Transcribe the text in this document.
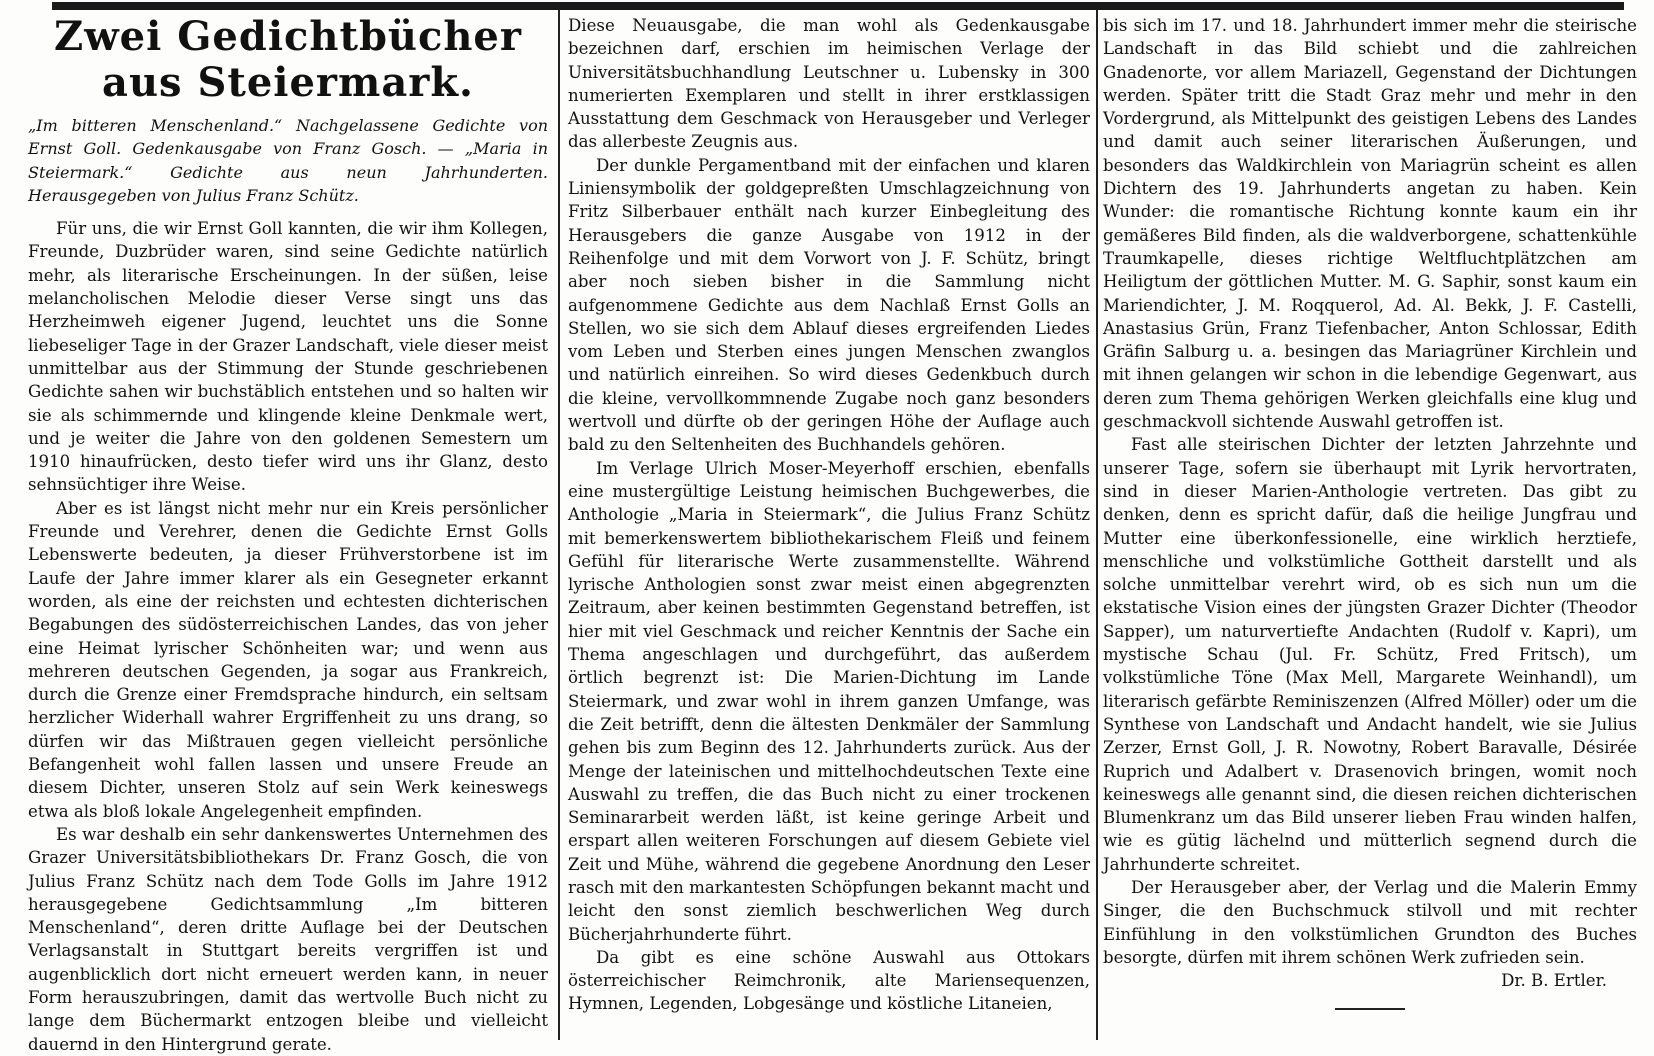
Zwei Gedichtbücher aus Steiermark.
„Im bitteren Menschenland.“ Nachgelassene Gedichte von Ernst Goll. Gedenkausgabe von Franz Gosch. — „Maria in Steiermark.“ Gedichte aus neun Jahrhunderten. Herausgegeben von Julius Franz Schütz.

Für uns, die wir Ernst Goll kannten, die wir ihm Kollegen, Freunde, Duzbrüder waren, sind seine Gedichte natürlich mehr, als literarische Erscheinungen. In der süßen, leise melancholischen Melodie dieser Verse singt uns das Herzheimweh eigener Jugend, leuchtet uns die Sonne liebeseliger Tage in der Grazer Landschaft, viele dieser meist unmittelbar aus der Stimmung der Stunde geschriebenen Gedichte sahen wir buchstäblich entstehen und so halten wir sie als schimmernde und klingende kleine Denkmale wert, und je weiter die Jahre von den goldenen Semestern um 1910 hinaufrücken, desto tiefer wird uns ihr Glanz, desto sehnsüchtiger ihre Weise.

Aber es ist längst nicht mehr nur ein Kreis persönlicher Freunde und Verehrer, denen die Gedichte Ernst Golls Lebenswerte bedeuten, ja dieser Frühverstorbene ist im Laufe der Jahre immer klarer als ein Gesegneter erkannt worden, als eine der reichsten und echtesten dichterischen Begabungen des südösterreichischen Landes, das von jeher eine Heimat lyrischer Schönheiten war; und wenn aus mehreren deutschen Gegenden, ja sogar aus Frankreich, durch die Grenze einer Fremdsprache hindurch, ein seltsam herzlicher Widerhall wahrer Ergriffenheit zu uns drang, so dürfen wir das Mißtrauen gegen vielleicht persönliche Befangenheit wohl fallen lassen und unsere Freude an diesem Dichter, unseren Stolz auf sein Werk keineswegs etwa als bloß lokale Angelegenheit empfinden.

Es war deshalb ein sehr dankenswertes Unternehmen des Grazer Universitätsbibliothekars Dr. Franz Gosch, die von Julius Franz Schütz nach dem Tode Golls im Jahre 1912 herausgegebene Gedichtsammlung „Im bitteren Menschenland“, deren dritte Auflage bei der Deutschen Verlagsanstalt in Stuttgart bereits vergriffen ist und augenblicklich dort nicht erneuert werden kann, in neuer Form herauszubringen, damit das wertvolle Buch nicht zu lange dem Büchermarkt entzogen bleibe und vielleicht dauernd in den Hintergrund gerate.

Diese Neuausgabe, die man wohl als Gedenkausgabe bezeichnen darf, erschien im heimischen Verlage der Universitätsbuchhandlung Leutschner u. Lubensky in 300 numerierten Exemplaren und stellt in ihrer erstklassigen Ausstattung dem Geschmack von Herausgeber und Verleger das allerbeste Zeugnis aus.

Der dunkle Pergamentband mit der einfachen und klaren Liniensymbolik der goldgepreßten Umschlagzeichnung von Fritz Silberbauer enthält nach kurzer Einbegleitung des Herausgebers die ganze Ausgabe von 1912 in der Reihenfolge und mit dem Vorwort von J. F. Schütz, bringt aber noch sieben bisher in die Sammlung nicht aufgenommene Gedichte aus dem Nachlaß Ernst Golls an Stellen, wo sie sich dem Ablauf dieses ergreifenden Liedes vom Leben und Sterben eines jungen Menschen zwanglos und natürlich einreihen. So wird dieses Gedenkbuch durch die kleine, vervollkommnende Zugabe noch ganz besonders wertvoll und dürfte ob der geringen Höhe der Auflage auch bald zu den Seltenheiten des Buchhandels gehören.

Im Verlage Ulrich Moser-Meyerhoff erschien, ebenfalls eine mustergültige Leistung heimischen Buchgewerbes, die Anthologie „Maria in Steiermark“, die Julius Franz Schütz mit bemerkenswertem bibliothekarischem Fleiß und feinem Gefühl für literarische Werte zusammenstellte. Während lyrische Anthologien sonst zwar meist einen abgegrenzten Zeitraum, aber keinen bestimmten Gegenstand betreffen, ist hier mit viel Geschmack und reicher Kenntnis der Sache ein Thema angeschlagen und durchgeführt, das außerdem örtlich begrenzt ist: Die Marien-Dichtung im Lande Steiermark, und zwar wohl in ihrem ganzen Umfange, was die Zeit betrifft, denn die ältesten Denkmäler der Sammlung gehen bis zum Beginn des 12. Jahrhunderts zurück. Aus der Menge der lateinischen und mittelhochdeutschen Texte eine Auswahl zu treffen, die das Buch nicht zu einer trockenen Seminararbeit werden läßt, ist keine geringe Arbeit und erspart allen weiteren Forschungen auf diesem Gebiete viel Zeit und Mühe, während die gegebene Anordnung den Leser rasch mit den markantesten Schöpfungen bekannt macht und leicht den sonst ziemlich beschwerlichen Weg durch Bücherjahrhunderte führt.

Da gibt es eine schöne Auswahl aus Ottokars österreichischer Reimchronik, alte Mariensequenzen, Hymnen, Legenden, Lobgesänge und köstliche Litaneien,

bis sich im 17. und 18. Jahrhundert immer mehr die steirische Landschaft in das Bild schiebt und die zahlreichen Gnadenorte, vor allem Mariazell, Gegenstand der Dichtungen werden. Später tritt die Stadt Graz mehr und mehr in den Vordergrund, als Mittelpunkt des geistigen Lebens des Landes und damit auch seiner literarischen Äußerungen, und besonders das Waldkirchlein von Mariagrün scheint es allen Dichtern des 19. Jahrhunderts angetan zu haben. Kein Wunder: die romantische Richtung konnte kaum ein ihr gemäßeres Bild finden, als die waldverborgene, schattenkühle Traumkapelle, dieses richtige Weltfluchtplätzchen am Heiligtum der göttlichen Mutter. M. G. Saphir, sonst kaum ein Mariendichter, J. M. Roqquerol, Ad. Al. Bekk, J. F. Castelli, Anastasius Grün, Franz Tiefenbacher, Anton Schlossar, Edith Gräfin Salburg u. a. besingen das Mariagrüner Kirchlein und mit ihnen gelangen wir schon in die lebendige Gegenwart, aus deren zum Thema gehörigen Werken gleichfalls eine klug und geschmackvoll sichtende Auswahl getroffen ist.

Fast alle steirischen Dichter der letzten Jahrzehnte und unserer Tage, sofern sie überhaupt mit Lyrik hervortraten, sind in dieser Marien-Anthologie vertreten. Das gibt zu denken, denn es spricht dafür, daß die heilige Jungfrau und Mutter eine überkonfessionelle, eine wirklich herztiefe, menschliche und volkstümliche Gottheit darstellt und als solche unmittelbar verehrt wird, ob es sich nun um die ekstatische Vision eines der jüngsten Grazer Dichter (Theodor Sapper), um naturvertiefte Andachten (Rudolf v. Kapri), um mystische Schau (Jul. Fr. Schütz, Fred Fritsch), um volkstümliche Töne (Max Mell, Margarete Weinhandl), um literarisch gefärbte Reminiszenzen (Alfred Möller) oder um die Synthese von Landschaft und Andacht handelt, wie sie Julius Zerzer, Ernst Goll, J. R. Nowotny, Robert Baravalle, Désirée Ruprich und Adalbert v. Drasenovich bringen, womit noch keineswegs alle genannt sind, die diesen reichen dichterischen Blumenkranz um das Bild unserer lieben Frau winden halfen, wie es gütig lächelnd und mütterlich segnend durch die Jahrhunderte schreitet.

Der Herausgeber aber, der Verlag und die Malerin Emmy Singer, die den Buchschmuck stilvoll und mit rechter Einfühlung in den volkstümlichen Grundton des Buches besorgte, dürfen mit ihrem schönen Werk zufrieden sein.

Dr. B. Ertler.
